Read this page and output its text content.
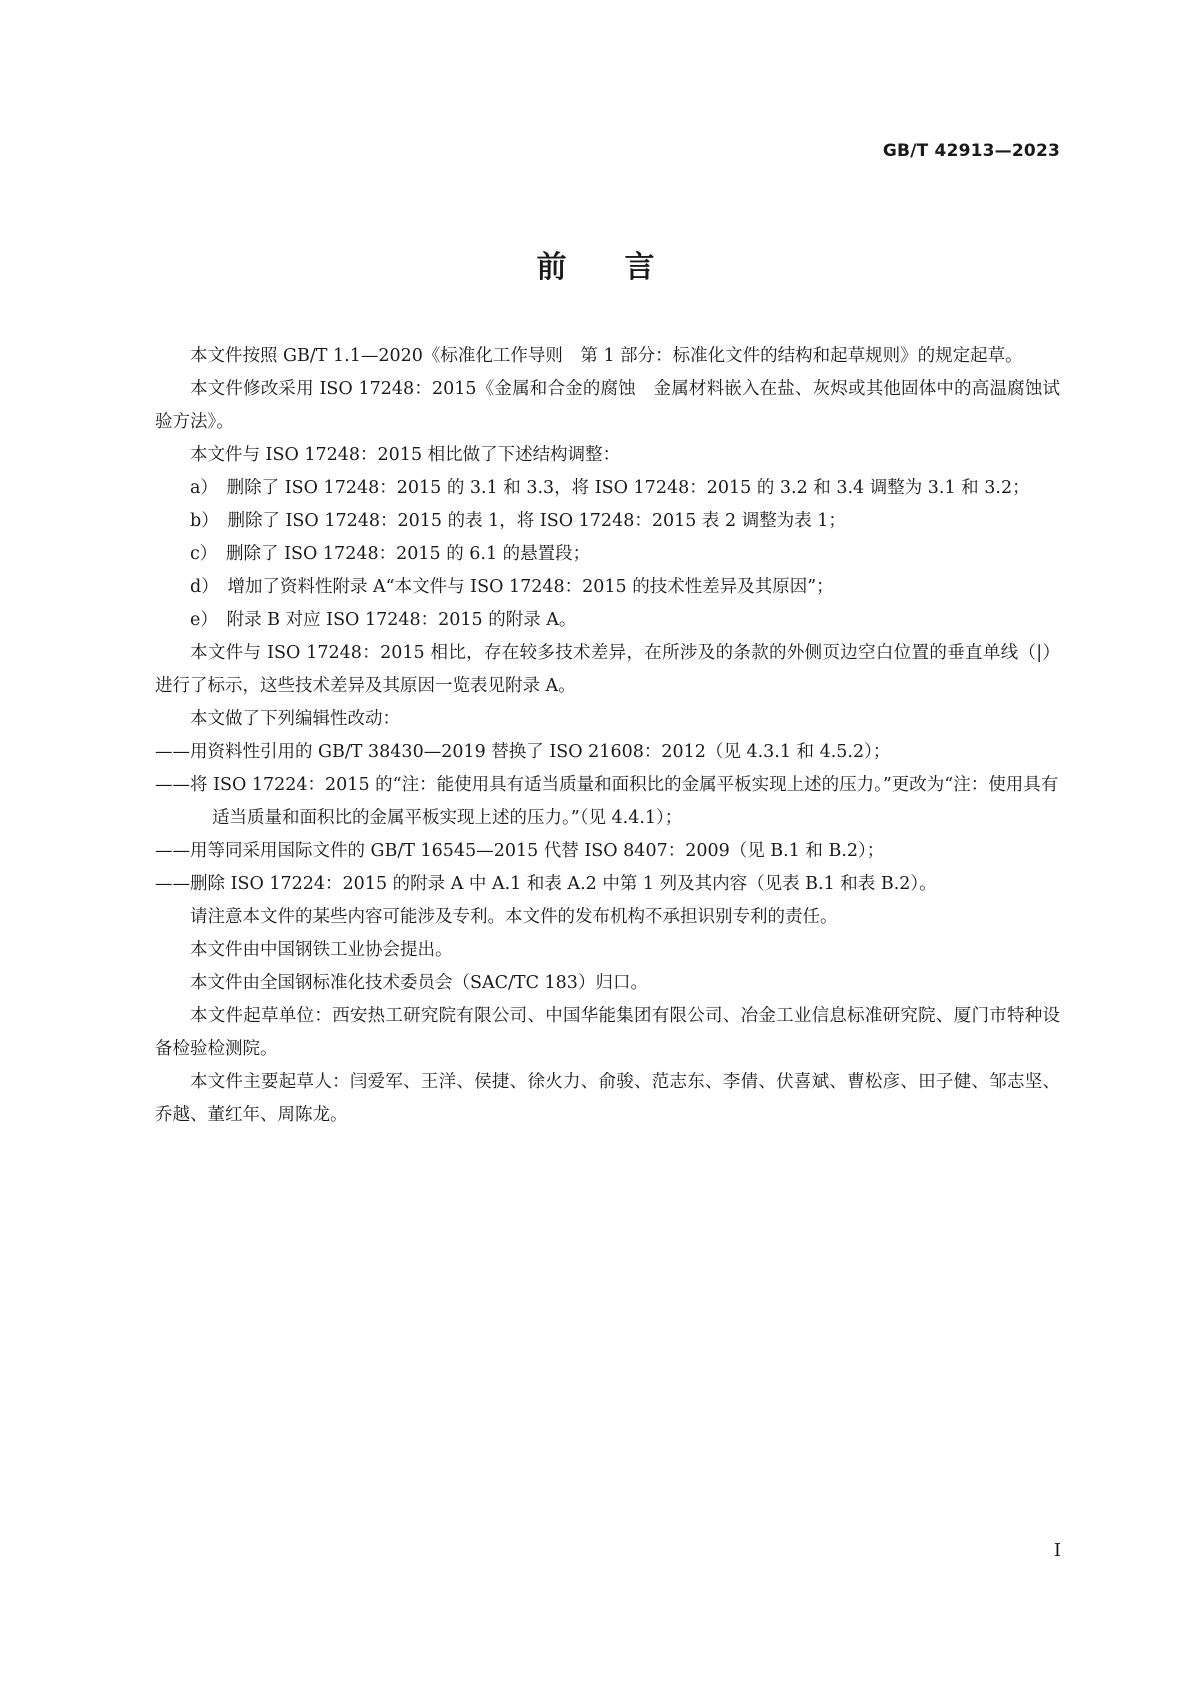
GB/T 42913—2023
前言

本文件按照 GB/T 1.1—2020《标准化工作导则　第 1 部分：标准化文件的结构和起草规则》的规定起草。

本文件修改采用 ISO 17248：2015《金属和合金的腐蚀　金属材料嵌入在盐、灰烬或其他固体中的高温腐蚀试验方法》。

本文件与 ISO 17248：2015 相比做了下述结构调整：

a）　删除了 ISO 17248：2015 的 3.1 和 3.3，将 ISO 17248：2015 的 3.2 和 3.4 调整为 3.1 和 3.2；

b）　删除了 ISO 17248：2015 的表 1，将 ISO 17248：2015 表 2 调整为表 1；

c）　删除了 ISO 17248：2015 的 6.1 的悬置段；

d）　增加了资料性附录 A“本文件与 ISO 17248：2015 的技术性差异及其原因”；

e）　附录 B 对应 ISO 17248：2015 的附录 A。

本文件与 ISO 17248：2015 相比，存在较多技术差异，在所涉及的条款的外侧页边空白位置的垂直单线（|）进行了标示，这些技术差异及其原因一览表见附录 A。

本文做了下列编辑性改动：

——用资料性引用的 GB/T 38430—2019 替换了 ISO 21608：2012（见 4.3.1 和 4.5.2）；

——将 ISO 17224：2015 的“注：能使用具有适当质量和面积比的金属平板实现上述的压力。”更改为“注：使用具有适当质量和面积比的金属平板实现上述的压力。”（见 4.4.1）；

——用等同采用国际文件的 GB/T 16545—2015 代替 ISO 8407：2009（见 B.1 和 B.2）；

——删除 ISO 17224：2015 的附录 A 中 A.1 和表 A.2 中第 1 列及其内容（见表 B.1 和表 B.2）。

请注意本文件的某些内容可能涉及专利。本文件的发布机构不承担识别专利的责任。

本文件由中国钢铁工业协会提出。

本文件由全国钢标准化技术委员会（SAC/TC 183）归口。

本文件起草单位：西安热工研究院有限公司、中国华能集团有限公司、冶金工业信息标准研究院、厦门市特种设备检验检测院。

本文件主要起草人：闫爱军、王洋、侯捷、徐火力、俞骏、范志东、李倩、伏喜斌、曹松彦、田子健、邹志坚、乔越、董红年、周陈龙。

I
